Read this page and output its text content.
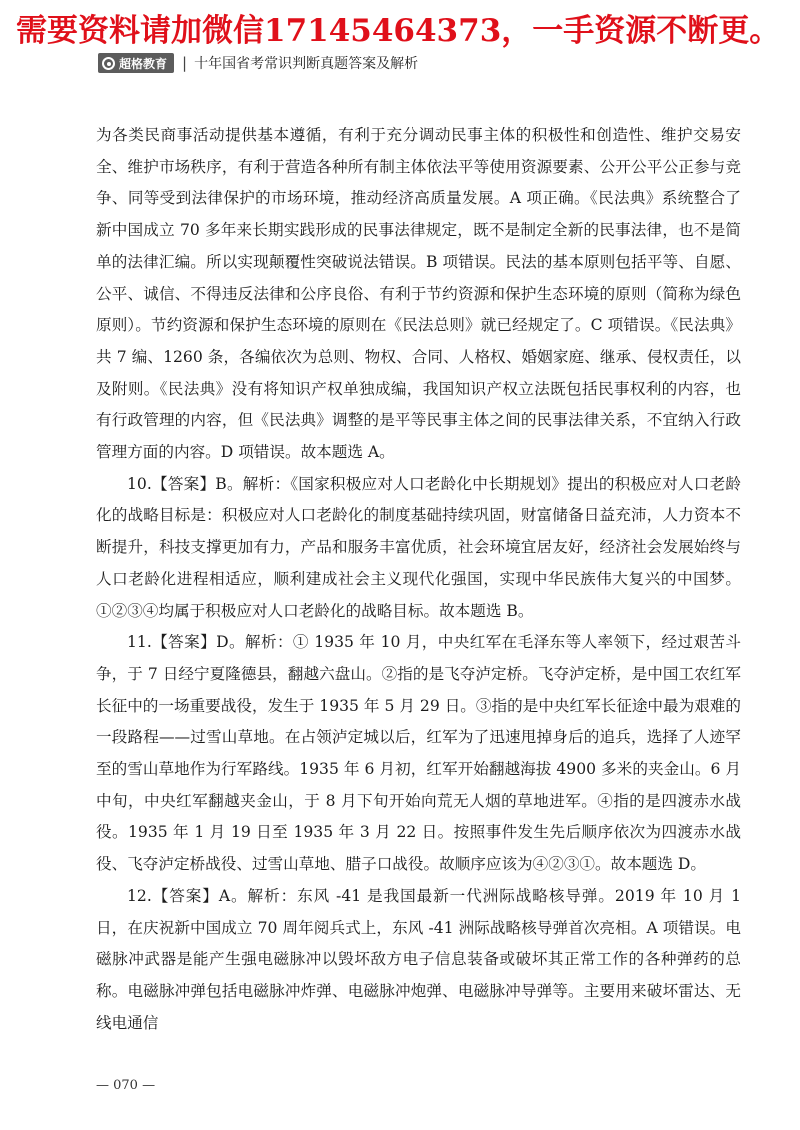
需要资料请加微信17145464373，一手资源不断更。
超格教育 | 十年国省考常识判断真题答案及解析

为各类民商事活动提供基本遵循，有利于充分调动民事主体的积极性和创造性、维护交易安全、维护市场秩序，有利于营造各种所有制主体依法平等使用资源要素、公开公平公正参与竞争、同等受到法律保护的市场环境，推动经济高质量发展。A 项正确。《民法典》系统整合了新中国成立 70 多年来长期实践形成的民事法律规定，既不是制定全新的民事法律，也不是简单的法律汇编。所以实现颠覆性突破说法错误。B 项错误。民法的基本原则包括平等、自愿、公平、诚信、不得违反法律和公序良俗、有利于节约资源和保护生态环境的原则（简称为绿色原则）。节约资源和保护生态环境的原则在《民法总则》就已经规定了。C 项错误。《民法典》共 7 编、1260 条，各编依次为总则、物权、合同、人格权、婚姻家庭、继承、侵权责任，以及附则。《民法典》没有将知识产权单独成编，我国知识产权立法既包括民事权利的内容，也有行政管理的内容，但《民法典》调整的是平等民事主体之间的民事法律关系，不宜纳入行政管理方面的内容。D 项错误。故本题选 A。

10.【答案】B。解析：《国家积极应对人口老龄化中长期规划》提出的积极应对人口老龄化的战略目标是：积极应对人口老龄化的制度基础持续巩固，财富储备日益充沛，人力资本不断提升，科技支撑更加有力，产品和服务丰富优质，社会环境宜居友好，经济社会发展始终与人口老龄化进程相适应，顺利建成社会主义现代化强国，实现中华民族伟大复兴的中国梦。①②③④均属于积极应对人口老龄化的战略目标。故本题选 B。

11.【答案】D。解析：① 1935 年 10 月，中央红军在毛泽东等人率领下，经过艰苦斗争，于 7 日经宁夏隆德县，翻越六盘山。②指的是飞夺泸定桥。飞夺泸定桥，是中国工农红军长征中的一场重要战役，发生于 1935 年 5 月 29 日。③指的是中央红军长征途中最为艰难的一段路程——过雪山草地。在占领泸定城以后，红军为了迅速甩掉身后的追兵，选择了人迹罕至的雪山草地作为行军路线。1935 年 6 月初，红军开始翻越海拔 4900 多米的夹金山。6 月中旬，中央红军翻越夹金山，于 8 月下旬开始向荒无人烟的草地进军。④指的是四渡赤水战役。1935 年 1 月 19 日至 1935 年 3 月 22 日。按照事件发生先后顺序依次为四渡赤水战役、飞夺泸定桥战役、过雪山草地、腊子口战役。故顺序应该为④②③①。故本题选 D。

12.【答案】A。解析：东风 -41 是我国最新一代洲际战略核导弹。2019 年 10 月 1 日，在庆祝新中国成立 70 周年阅兵式上，东风 -41 洲际战略核导弹首次亮相。A 项错误。电磁脉冲武器是能产生强电磁脉冲以毁坏敌方电子信息装备或破坏其正常工作的各种弹药的总称。电磁脉冲弹包括电磁脉冲炸弹、电磁脉冲炮弹、电磁脉冲导弹等。主要用来破坏雷达、无线电通信

— 070 —
